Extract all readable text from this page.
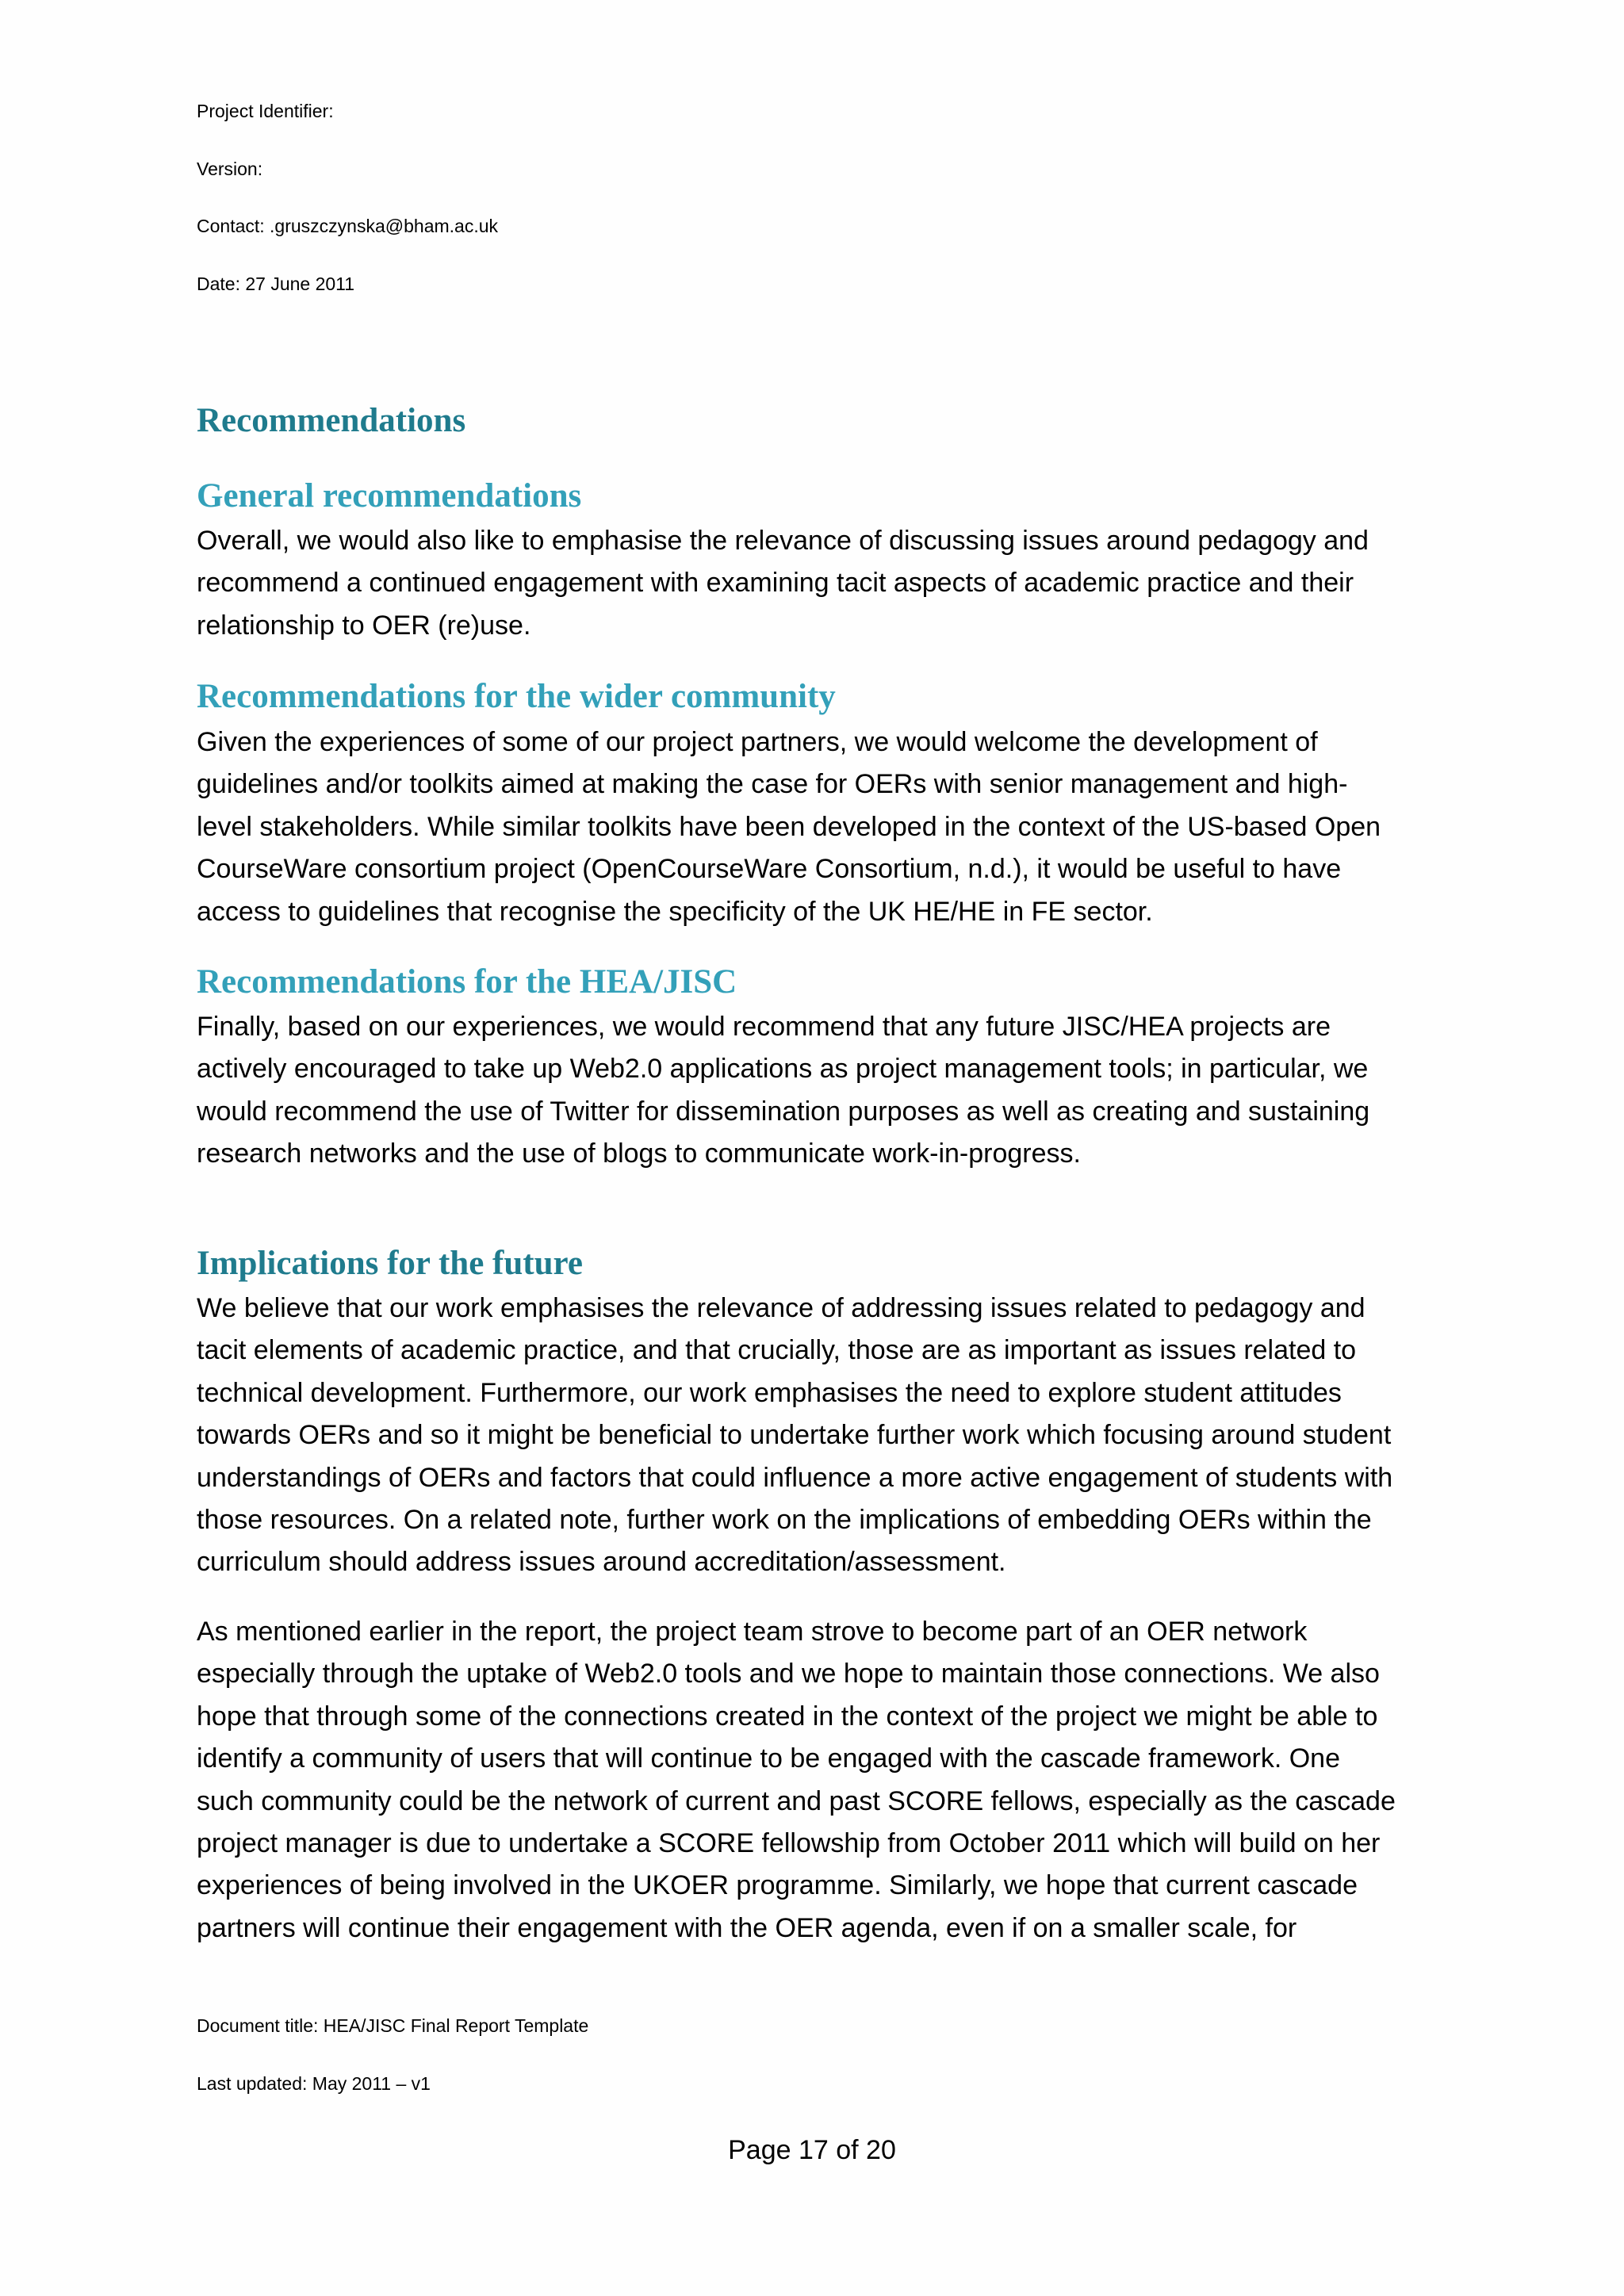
Project Identifier:
Version:
Contact: .gruszczynska@bham.ac.uk
Date: 27 June 2011
Recommendations
General recommendations
Overall, we would also like to emphasise the relevance of discussing issues around pedagogy and
recommend a continued engagement with examining tacit aspects of academic practice and their
relationship to OER (re)use.
Recommendations for the wider community
Given the experiences of some of our project partners, we would welcome the development of
guidelines and/or toolkits aimed at making the case for OERs with senior management and high-
level stakeholders. While similar toolkits have been developed in the context of the US-based Open
CourseWare consortium project (OpenCourseWare Consortium, n.d.), it would be useful to have
access to guidelines that recognise the specificity of the UK HE/HE in FE sector.
Recommendations for the HEA/JISC
Finally, based on our experiences, we would recommend that any future JISC/HEA projects are
actively encouraged to take up Web2.0 applications as project management tools; in particular, we
would recommend the use of Twitter for dissemination purposes as well as creating and sustaining
research networks and the use of blogs to communicate work-in-progress.
Implications for the future
We believe that our work emphasises the relevance of addressing issues related to pedagogy and
tacit elements of academic practice, and that crucially, those are as important as issues related to
technical development. Furthermore, our work emphasises the need to explore student attitudes
towards OERs and so it might be beneficial to undertake further work which focusing around student
understandings of OERs and factors that could influence a more active engagement of students with
those resources. On a related note, further work on the implications of embedding OERs within the
curriculum should address issues around accreditation/assessment.
As mentioned earlier in the report, the project team strove to become part of an OER network
especially through the uptake of Web2.0 tools and we hope to maintain those connections. We also
hope that through some of the connections created in the context of the project we might be able to
identify a community of users that will continue to be engaged with the cascade framework. One
such community could be the network of current and past SCORE fellows, especially as the cascade
project manager is due to undertake a SCORE fellowship from October 2011 which will build on her
experiences of being involved in the UKOER programme. Similarly, we hope that current cascade
partners will continue their engagement with the OER agenda, even if on a smaller scale, for
Document title: HEA/JISC Final Report Template
Last updated: May 2011 – v1
Page 17 of 20
